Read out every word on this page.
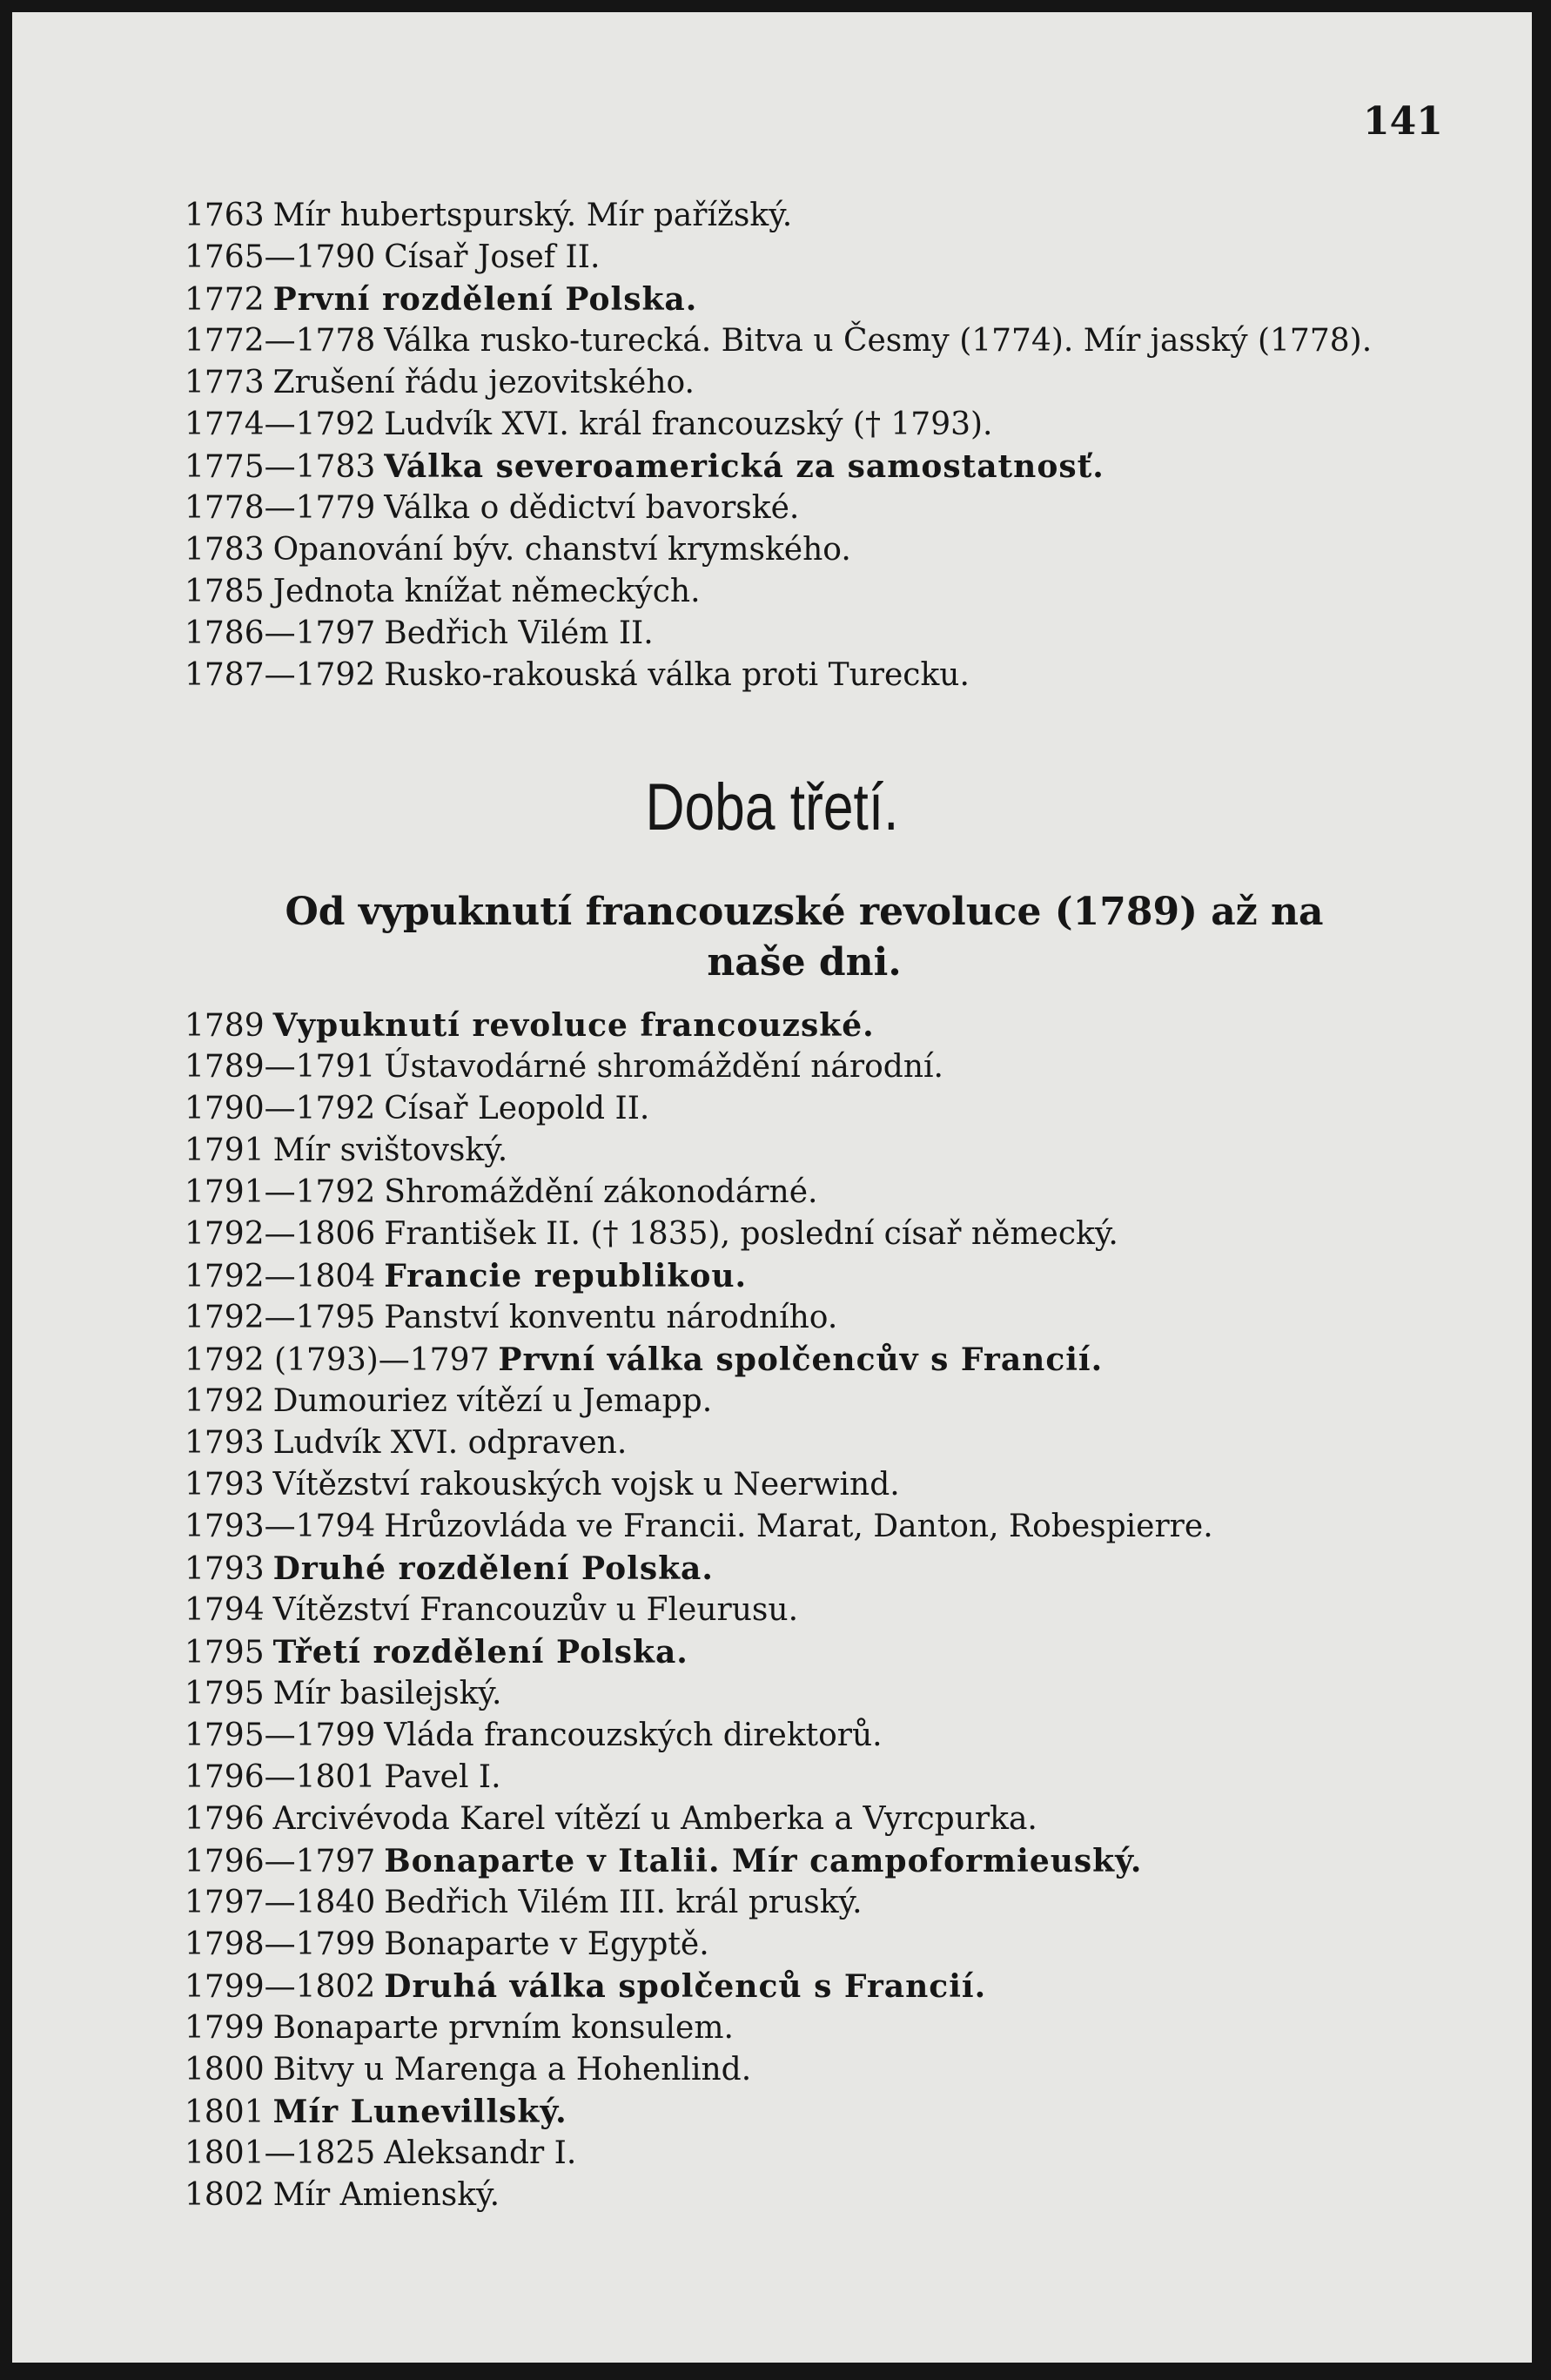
141
1763 Mír hubertspurský. Mír pařížský.
1765—1790 Císař Josef II.
1772 První rozdělení Polska.
1772—1778 Válka rusko-turecká. Bitva u Česmy (1774). Mír jasský (1778).
1773 Zrušení řádu jezovitského.
1774—1792 Ludvík XVI. král francouzský († 1793).
1775—1783 Válka severoamerická za samostatnosť.
1778—1779 Válka o dědictví bavorské.
1783 Opanování býv. chanství krymského.
1785 Jednota knížat německých.
1786—1797 Bedřich Vilém II.
1787—1792 Rusko-rakouská válka proti Turecku.
Doba třetí.
Od vypuknutí francouzské revoluce (1789) až na naše dni.
1789 Vypuknutí revoluce francouzské.
1789—1791 Ústavodárné shromáždění národní.
1790—1792 Císař Leopold II.
1791 Mír svištovský.
1791—1792 Shromáždění zákonodárné.
1792—1806 František II. († 1835), poslední císař německý.
1792—1804 Francie republikou.
1792—1795 Panství konventu národního.
1792 (1793)—1797 První válka spolčencův s Francií.
1792 Dumouriez vítězí u Jemapp.
1793 Ludvík XVI. odpraven.
1793 Vítězství rakouských vojsk u Neerwind.
1793—1794 Hrůzovláda ve Francii. Marat, Danton, Robespierre.
1793 Druhé rozdělení Polska.
1794 Vítězství Francouzův u Fleurusu.
1795 Třetí rozdělení Polska.
1795 Mír basilejský.
1795—1799 Vláda francouzských direktorů.
1796—1801 Pavel I.
1796 Arcivévoda Karel vítězí u Amberka a Vyrcpurka.
1796—1797 Bonaparte v Italii. Mír campoformieuský.
1797—1840 Bedřich Vilém III. král pruský.
1798—1799 Bonaparte v Egyptě.
1799—1802 Druhá válka spolčenců s Francií.
1799 Bonaparte prvním konsulem.
1800 Bitvy u Marenga a Hohenlind.
1801 Mír Lunevillský.
1801—1825 Aleksandr I.
1802 Mír Amienský.
